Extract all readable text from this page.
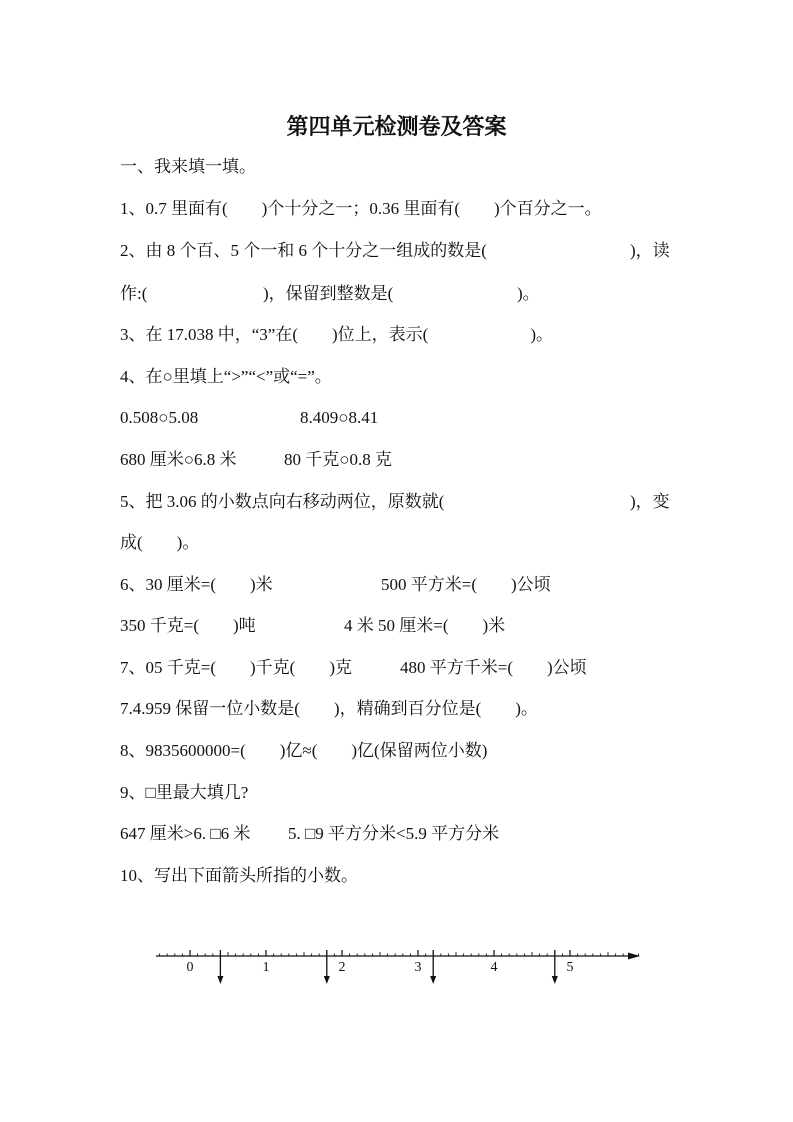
第四单元检测卷及答案
一、我来填一填。
1、0.7 里面有(        )个十分之一；0.36 里面有(        )个百分之一。
2、由 8 个百、5 个一和 6 个十分之一组成的数是(	)，读
作:(	)，保留到整数是(	)。
3、在 17.038 中，“3”在(        )位上，表示(                        )。
4、在○里填上“>”“<”或“=”。
0.508○5.08	8.409○8.41
680 厘米○6.8 米	80 千克○0.8 克
5、把 3.06 的小数点向右移动两位，原数就(	)，变
成(        )。
6、30 厘米=(        )米	500 平方米=(        )公顷
350 千克=(        )吨	4 米 50 厘米=(        )米
7、05 千克=(        )千克(        )克	480 平方千米=(        )公顷
7.4.959 保留一位小数是(        )，精确到百分位是(        )。
8、9835600000=(        )亿≈(        )亿(保留两位小数)
9、□里最大填几?
647 厘米>6. □6 米 5. □9 平方分米<5.9 平方分米
10、写出下面箭头所指的小数。
0	1	2	3	4	5
